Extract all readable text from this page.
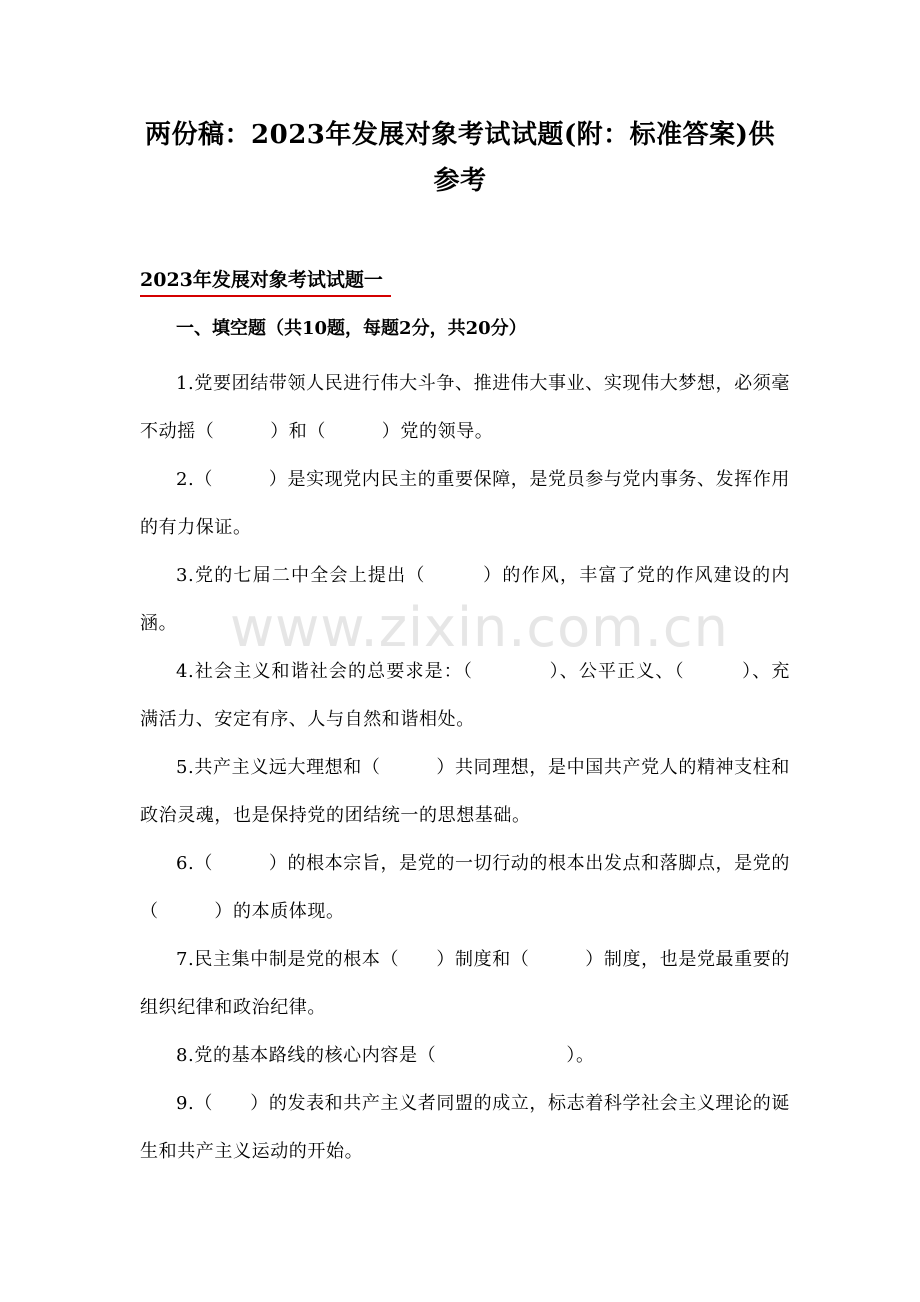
两份稿：2023年发展对象考试试题(附：标准答案)供
参考
2023年发展对象考试试题一
一、填空题（共10题，每题2分，共20分）
1.党要团结带领人民进行伟大斗争、推进伟大事业、实现伟大梦想，必须毫不动摇（　　　）和（　　　）党的领导。
2.（　　　）是实现党内民主的重要保障，是党员参与党内事务、发挥作用的有力保证。
3.党的七届二中全会上提出（　　　）的作风，丰富了党的作风建设的内涵。
4.社会主义和谐社会的总要求是：（　　　　）、公平正义、（　　　）、充满活力、安定有序、人与自然和谐相处。
5.共产主义远大理想和（　　　）共同理想，是中国共产党人的精神支柱和政治灵魂，也是保持党的团结统一的思想基础。
6.（　　　）的根本宗旨，是党的一切行动的根本出发点和落脚点，是党的（　　　）的本质体现。
7.民主集中制是党的根本（　　）制度和（　　　）制度，也是党最重要的组织纪律和政治纪律。
8.党的基本路线的核心内容是（　　　　　　　）。
9.（　　）的发表和共产主义者同盟的成立，标志着科学社会主义理论的诞生和共产主义运动的开始。
www.zixin.com.cn
